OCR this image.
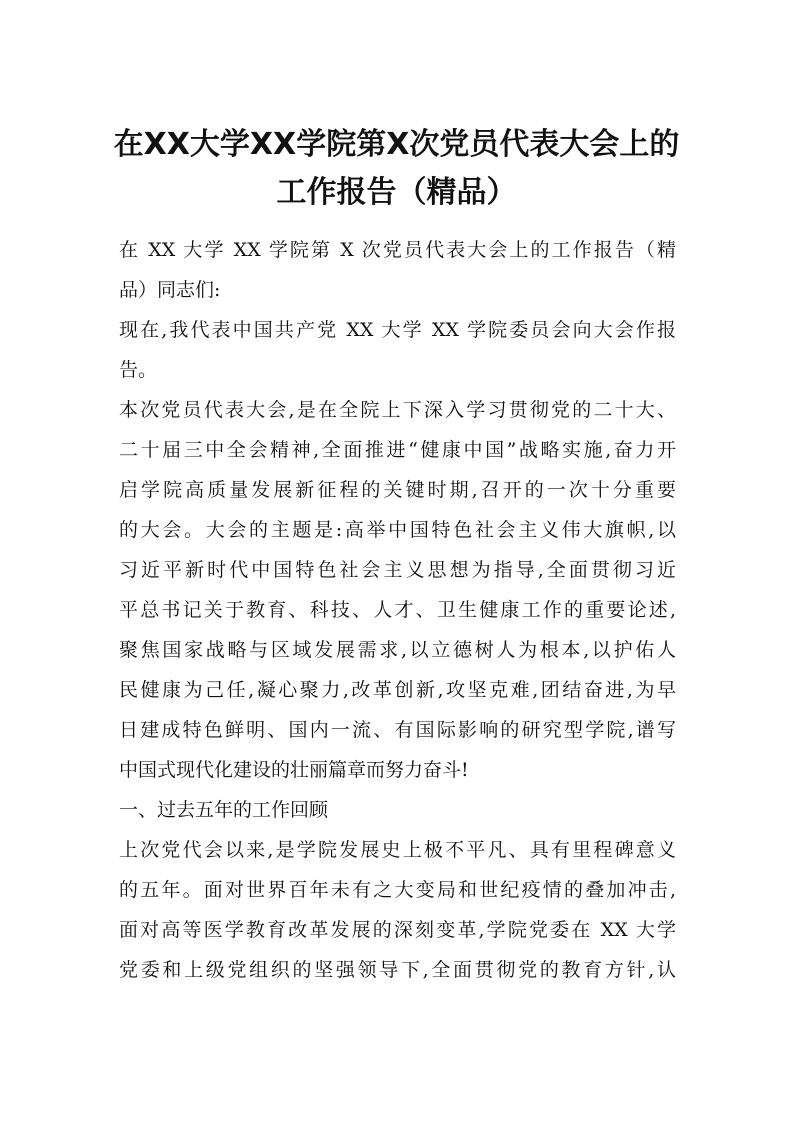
在XX大学XX学院第X次党员代表大会上的
工作报告（精品）
在 XX 大学 XX 学院第 X 次党员代表大会上的工作报告（精
品）同志们:
现在,我代表中国共产党 XX 大学 XX 学院委员会向大会作报
告。
本次党员代表大会,是在全院上下深入学习贯彻党的二十大、
二十届三中全会精神,全面推进“健康中国”战略实施,奋力开
启学院高质量发展新征程的关键时期,召开的一次十分重要
的大会。大会的主题是:高举中国特色社会主义伟大旗帜,以
习近平新时代中国特色社会主义思想为指导,全面贯彻习近
平总书记关于教育、科技、人才、卫生健康工作的重要论述,
聚焦国家战略与区域发展需求,以立德树人为根本,以护佑人
民健康为己任,凝心聚力,改革创新,攻坚克难,团结奋进,为早
日建成特色鲜明、国内一流、有国际影响的研究型学院,谱写
中国式现代化建设的壮丽篇章而努力奋斗!
一、过去五年的工作回顾
上次党代会以来,是学院发展史上极不平凡、具有里程碑意义
的五年。面对世界百年未有之大变局和世纪疫情的叠加冲击,
面对高等医学教育改革发展的深刻变革,学院党委在 XX 大学
党委和上级党组织的坚强领导下,全面贯彻党的教育方针,认
